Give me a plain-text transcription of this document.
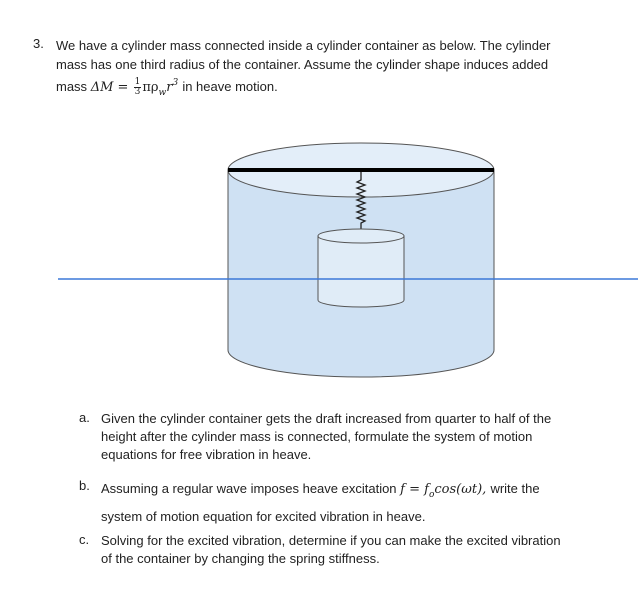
3. We have a cylinder mass connected inside a cylinder container as below. The cylinder
mass has one third radius of the container. Assume the cylinder shape induces added
mass $\Delta M = \frac{1}{3} \pi\rho_wr^3$ in heave motion.
a. Given the cylinder container gets the draft increased from quarter to half of the
height after the cylinder mass is connected, formulate the system of motion
equations for free vibration in heave.
b. Assuming a regular wave imposes heave excitation $f = f_o\cos(\omega t)$, write the
system of motion equation for excited vibration in heave.
c. Solving for the excited vibration, determine if you can make the excited vibration
of the container by changing the spring stiffness.
